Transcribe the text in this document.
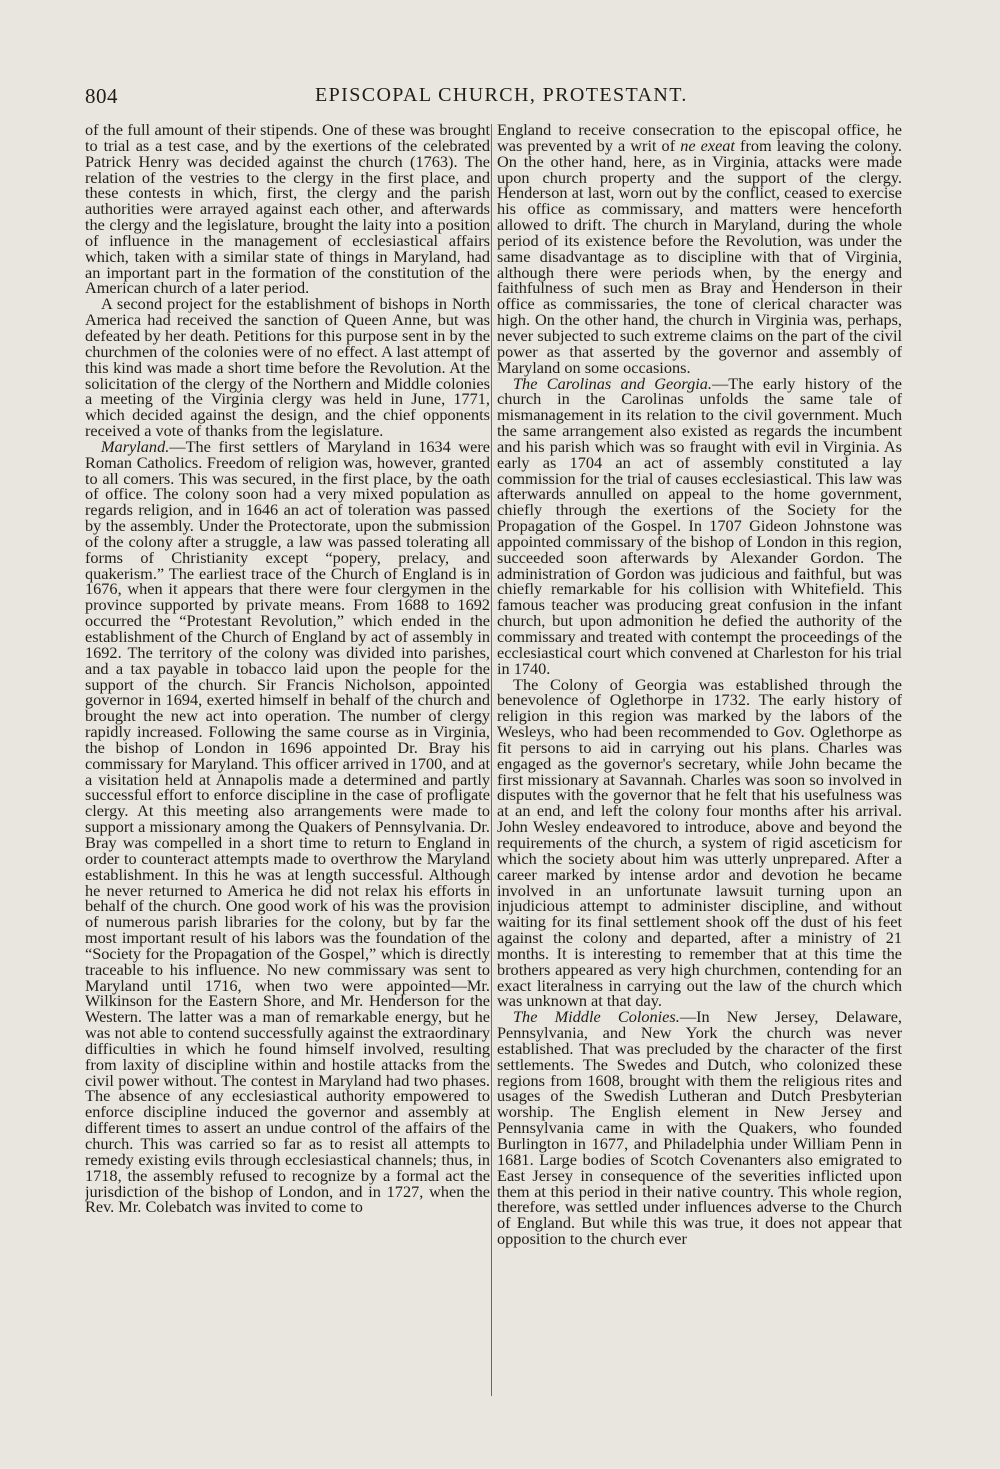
804	EPISCOPAL CHURCH, PROTESTANT.

of the full amount of their stipends. One of these was brought to trial as a test case, and by the exertions of the celebrated Patrick Henry was decided against the church (1763). The relation of the vestries to the clergy in the first place, and these contests in which, first, the clergy and the parish authorities were arrayed against each other, and afterwards the clergy and the legislature, brought the laity into a position of influence in the management of ecclesiastical affairs which, taken with a similar state of things in Maryland, had an important part in the formation of the constitution of the American church of a later period.

A second project for the establishment of bishops in North America had received the sanction of Queen Anne, but was defeated by her death. Petitions for this purpose sent in by the churchmen of the colonies were of no effect. A last attempt of this kind was made a short time before the Revolution. At the solicitation of the clergy of the Northern and Middle colonies a meeting of the Virginia clergy was held in June, 1771, which decided against the design, and the chief opponents received a vote of thanks from the legislature.

Maryland.—The first settlers of Maryland in 1634 were Roman Catholics. Freedom of religion was, however, granted to all comers. This was secured, in the first place, by the oath of office. The colony soon had a very mixed population as regards religion, and in 1646 an act of toleration was passed by the assembly. Under the Protectorate, upon the submission of the colony after a struggle, a law was passed tolerating all forms of Christianity except “popery, prelacy, and quakerism.” The earliest trace of the Church of England is in 1676, when it appears that there were four clergymen in the province supported by private means. From 1688 to 1692 occurred the “Protestant Revolution,” which ended in the establishment of the Church of England by act of assembly in 1692. The territory of the colony was divided into parishes, and a tax payable in tobacco laid upon the people for the support of the church. Sir Francis Nicholson, appointed governor in 1694, exerted himself in behalf of the church and brought the new act into operation. The number of clergy rapidly increased. Following the same course as in Virginia, the bishop of London in 1696 appointed Dr. Bray his commissary for Maryland. This officer arrived in 1700, and at a visitation held at Annapolis made a determined and partly successful effort to enforce discipline in the case of profligate clergy. At this meeting also arrangements were made to support a missionary among the Quakers of Pennsylvania. Dr. Bray was compelled in a short time to return to England in order to counteract attempts made to overthrow the Maryland establishment. In this he was at length successful. Although he never returned to America he did not relax his efforts in behalf of the church. One good work of his was the provision of numerous parish libraries for the colony, but by far the most important result of his labors was the foundation of the “Society for the Propagation of the Gospel,” which is directly traceable to his influence. No new commissary was sent to Maryland until 1716, when two were appointed—Mr. Wilkinson for the Eastern Shore, and Mr. Henderson for the Western. The latter was a man of remarkable energy, but he was not able to contend successfully against the extraordinary difficulties in which he found himself involved, resulting from laxity of discipline within and hostile attacks from the civil power without. The contest in Maryland had two phases. The absence of any ecclesiastical authority empowered to enforce discipline induced the governor and assembly at different times to assert an undue control of the affairs of the church. This was carried so far as to resist all attempts to remedy existing evils through ecclesiastical channels; thus, in 1718, the assembly refused to recognize by a formal act the jurisdiction of the bishop of London, and in 1727, when the Rev. Mr. Colebatch was invited to come to

England to receive consecration to the episcopal office, he was prevented by a writ of ne exeat from leaving the colony. On the other hand, here, as in Virginia, attacks were made upon church property and the support of the clergy. Henderson at last, worn out by the conflict, ceased to exercise his office as commissary, and matters were henceforth allowed to drift. The church in Maryland, during the whole period of its existence before the Revolution, was under the same disadvantage as to discipline with that of Virginia, although there were periods when, by the energy and faithfulness of such men as Bray and Henderson in their office as commissaries, the tone of clerical character was high. On the other hand, the church in Virginia was, perhaps, never subjected to such extreme claims on the part of the civil power as that asserted by the governor and assembly of Maryland on some occasions.

The Carolinas and Georgia.—The early history of the church in the Carolinas unfolds the same tale of mismanagement in its relation to the civil government. Much the same arrangement also existed as regards the incumbent and his parish which was so fraught with evil in Virginia. As early as 1704 an act of assembly constituted a lay commission for the trial of causes ecclesiastical. This law was afterwards annulled on appeal to the home government, chiefly through the exertions of the Society for the Propagation of the Gospel. In 1707 Gideon Johnstone was appointed commissary of the bishop of London in this region, succeeded soon afterwards by Alexander Gordon. The administration of Gordon was judicious and faithful, but was chiefly remarkable for his collision with Whitefield. This famous teacher was producing great confusion in the infant church, but upon admonition he defied the authority of the commissary and treated with contempt the proceedings of the ecclesiastical court which convened at Charleston for his trial in 1740.

The Colony of Georgia was established through the benevolence of Oglethorpe in 1732. The early history of religion in this region was marked by the labors of the Wesleys, who had been recommended to Gov. Oglethorpe as fit persons to aid in carrying out his plans. Charles was engaged as the governor's secretary, while John became the first missionary at Savannah. Charles was soon so involved in disputes with the governor that he felt that his usefulness was at an end, and left the colony four months after his arrival. John Wesley endeavored to introduce, above and beyond the requirements of the church, a system of rigid asceticism for which the society about him was utterly unprepared. After a career marked by intense ardor and devotion he became involved in an unfortunate lawsuit turning upon an injudicious attempt to administer discipline, and without waiting for its final settlement shook off the dust of his feet against the colony and departed, after a ministry of 21 months. It is interesting to remember that at this time the brothers appeared as very high churchmen, contending for an exact literalness in carrying out the law of the church which was unknown at that day.

The Middle Colonies.—In New Jersey, Delaware, Pennsylvania, and New York the church was never established. That was precluded by the character of the first settlements. The Swedes and Dutch, who colonized these regions from 1608, brought with them the religious rites and usages of the Swedish Lutheran and Dutch Presbyterian worship. The English element in New Jersey and Pennsylvania came in with the Quakers, who founded Burlington in 1677, and Philadelphia under William Penn in 1681. Large bodies of Scotch Covenanters also emigrated to East Jersey in consequence of the severities inflicted upon them at this period in their native country. This whole region, therefore, was settled under influences adverse to the Church of England. But while this was true, it does not appear that opposition to the church ever
